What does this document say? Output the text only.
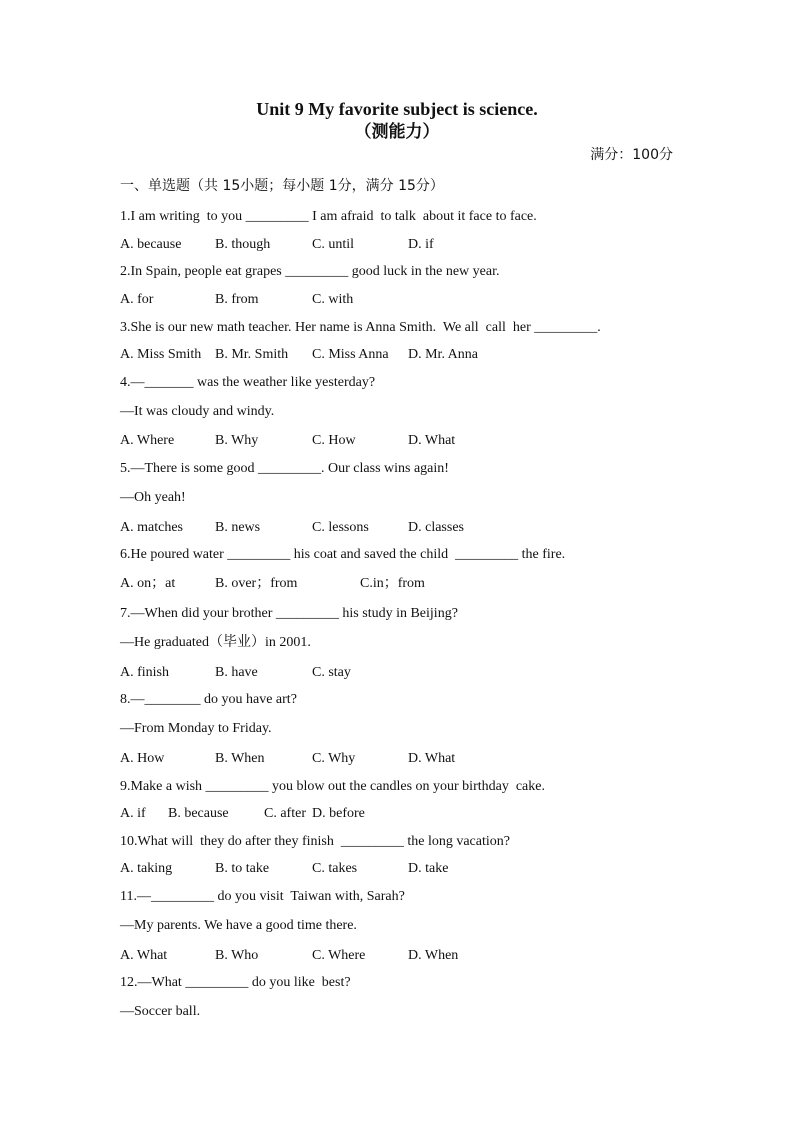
Unit 9 My favorite subject is science.
（测能力）
满分：100分
一、单选题（共 15小题；每小题 1分，满分 15分）
1.I am writing  to you _________ I am afraid  to talk  about it face to face.
A. because B. though	C. until	D. if
2.In Spain, people eat grapes _________ good luck in the new year.
A. for	B. from	C. with
3.She is our new math teacher. Her name is Anna Smith.  We all  call  her _________.
A. Miss Smith B. Mr. Smith C. Miss Anna D. Mr. Anna
4.—_______ was the weather like yesterday?
—It was cloudy and windy.
A. Where	B. Why	C. How	D. What
5.—There is some good _________. Our class wins again!
—Oh yeah!
A. matches B. news	C. lessons	D. classes
6.He poured water _________ his coat and saved the child  _________ the fire.
A. on；at	B. over；from	C.in；from
7.—When did your brother _________ his study in Beijing?
—He graduated（毕业）in 2001.
A. finish	B. have	C. stay
8.—________ do you have art?
—From Monday to Friday.
A. How	B. When	C. Why	D. What
9.Make a wish _________ you blow out the candles on your birthday  cake.
A. if B. because	C. after D. before
10.What will  they do after they finish  _________ the long vacation?
A. taking	B. to take	C. takes	D. take
11.—_________ do you visit  Taiwan with, Sarah?
—My parents. We have a good time there.
A. What	B. Who	C. Where	D. When
12.—What _________ do you like  best?
—Soccer ball.
